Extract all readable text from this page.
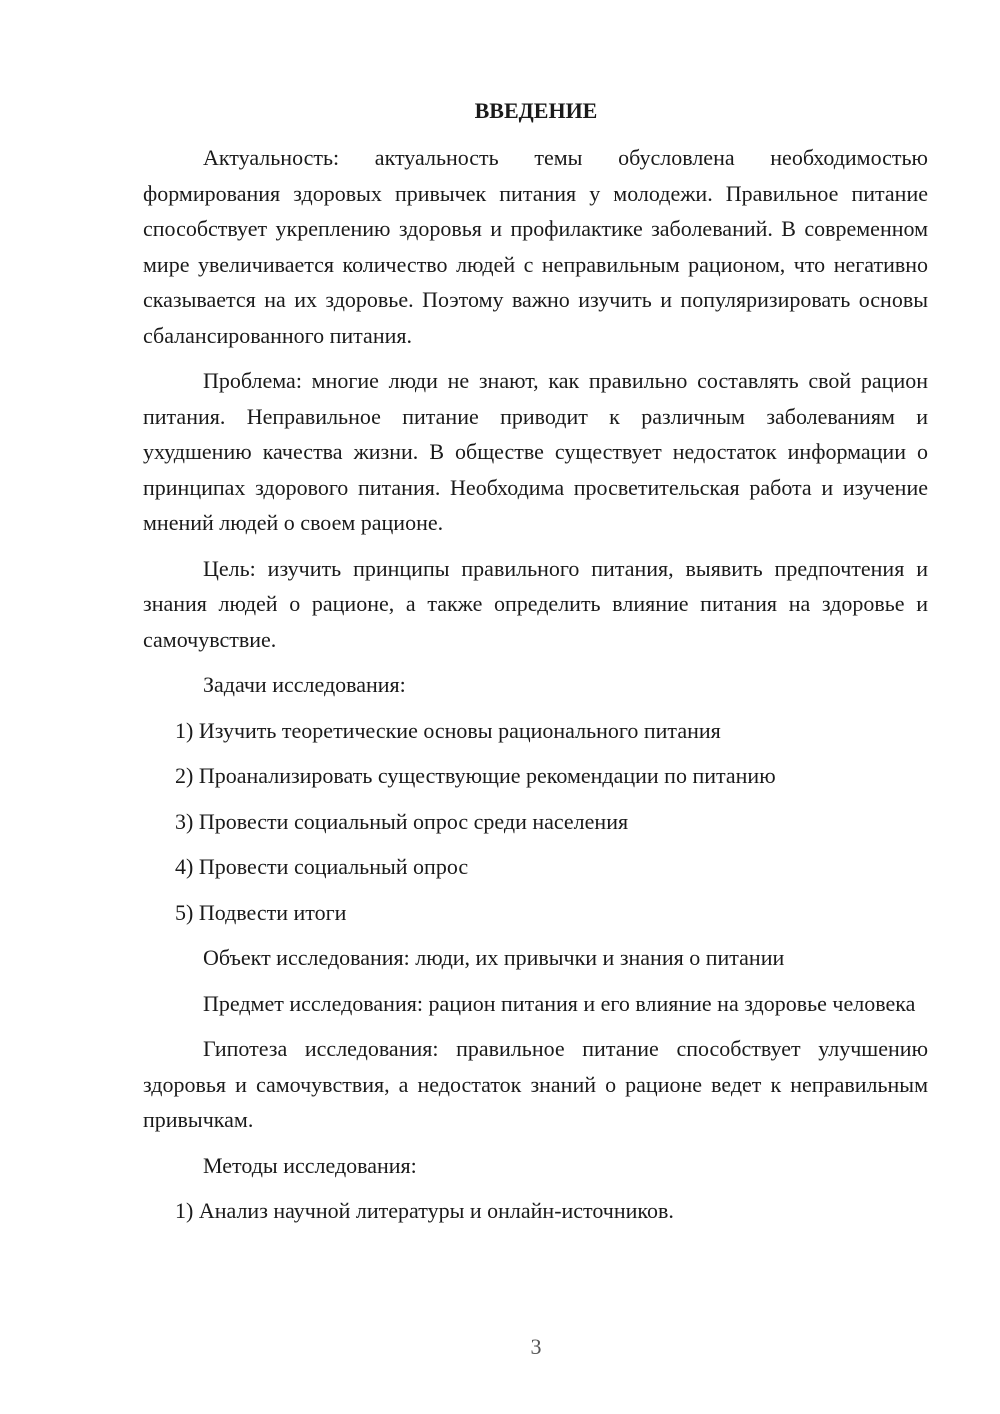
ВВЕДЕНИЕ

Актуальность: актуальность темы обусловлена необходимостью формирования здоровых привычек питания у молодежи. Правильное питание способствует укреплению здоровья и профилактике заболеваний. В современном мире увеличивается количество людей с неправильным рационом, что негативно сказывается на их здоровье. Поэтому важно изучить и популяризировать основы сбалансированного питания.

Проблема: многие люди не знают, как правильно составлять свой рацион питания. Неправильное питание приводит к различным заболеваниям и ухудшению качества жизни. В обществе существует недостаток информации о принципах здорового питания. Необходима просветительская работа и изучение мнений людей о своем рационе.

Цель: изучить принципы правильного питания, выявить предпочтения и знания людей о рационе, а также определить влияние питания на здоровье и самочувствие.

Задачи исследования:

1) Изучить теоретические основы рационального питания

2) Проанализировать существующие рекомендации по питанию

3) Провести социальный опрос среди населения

4) Провести социальный опрос

5) Подвести итоги

Объект исследования: люди, их привычки и знания о питании

Предмет исследования: рацион питания и его влияние на здоровье человека

Гипотеза исследования: правильное питание способствует улучшению здоровья и самочувствия, а недостаток знаний о рационе ведет к неправильным привычкам.

Методы исследования:

1) Анализ научной литературы и онлайн-источников.

3
